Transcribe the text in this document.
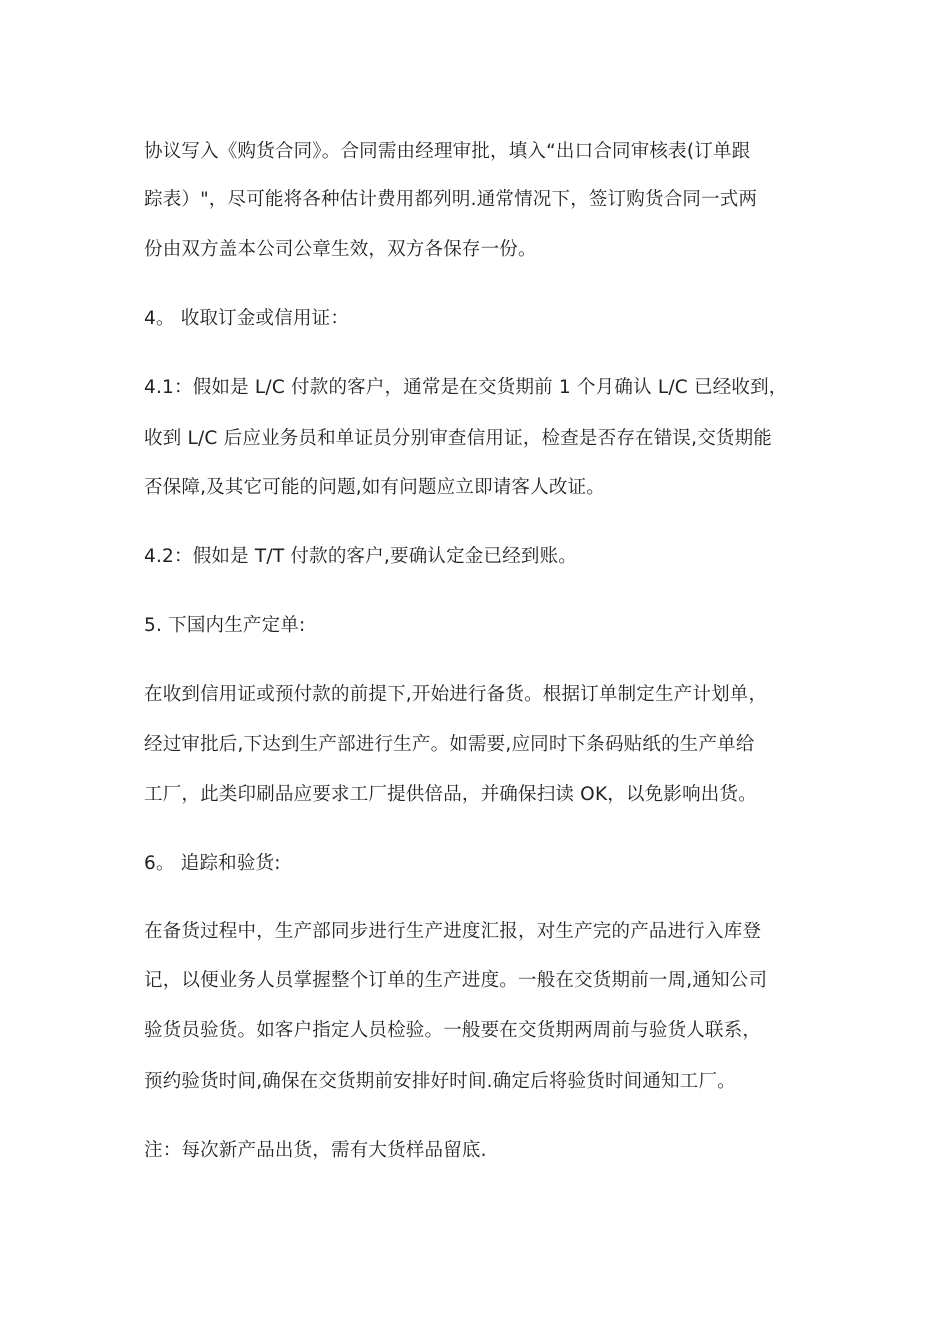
协议写入《购货合同》。合同需由经理审批，填入“出口合同审核表(订单跟
踪表）"，尽可能将各种估计费用都列明.通常情况下，签订购货合同一式两
份由双方盖本公司公章生效，双方各保存一份。
4。 收取订金或信用证：
4.1：假如是 L/C 付款的客户，通常是在交货期前 1 个月确认 L/C 已经收到，
收到 L/C 后应业务员和单证员分别审查信用证，检查是否存在错误,交货期能
否保障,及其它可能的问题,如有问题应立即请客人改证。
4.2：假如是 T/T 付款的客户,要确认定金已经到账。
5. 下国内生产定单:
在收到信用证或预付款的前提下,开始进行备货。根据订单制定生产计划单，
经过审批后,下达到生产部进行生产。如需要,应同时下条码贴纸的生产单给
工厂，此类印刷品应要求工厂提供倍品，并确保扫读 OK，以免影响出货。
6。 追踪和验货:
在备货过程中，生产部同步进行生产进度汇报，对生产完的产品进行入库登
记，以便业务人员掌握整个订单的生产进度。一般在交货期前一周,通知公司
验货员验货。如客户指定人员检验。一般要在交货期两周前与验货人联系，
预约验货时间,确保在交货期前安排好时间.确定后将验货时间通知工厂。
注：每次新产品出货，需有大货样品留底.
